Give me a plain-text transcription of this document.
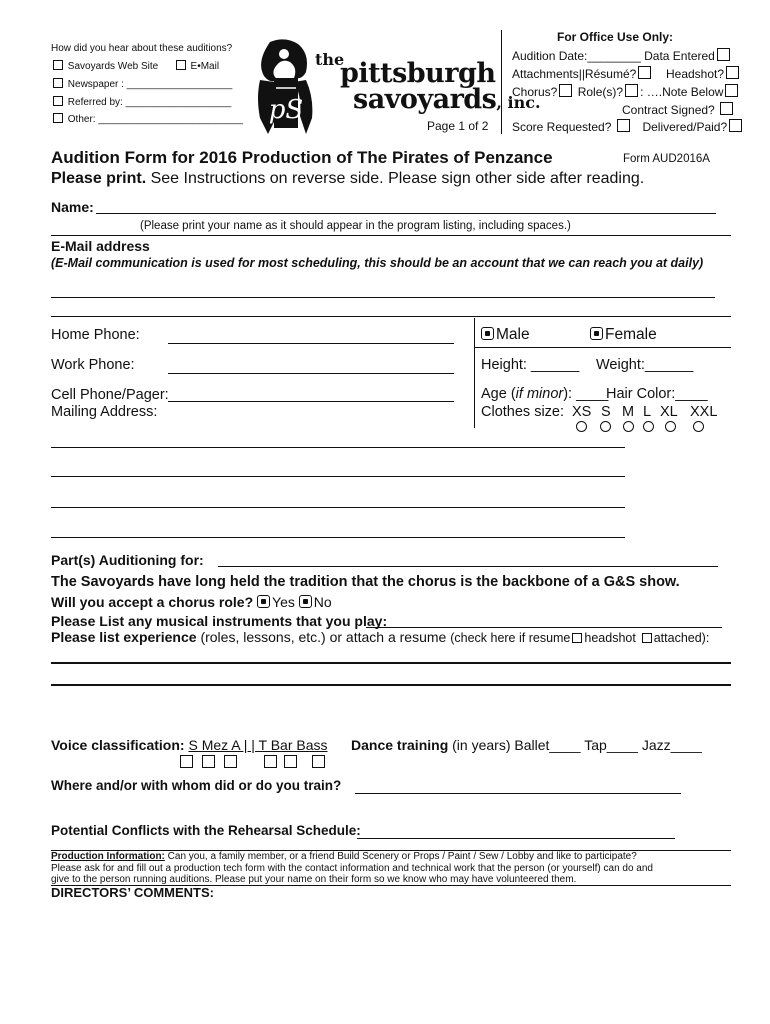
How did you hear about these auditions?
Savoyards Web Site	E•Mail
Newspaper : ___________________
Referred by: ___________________
Other: __________________________ pS
the
pittsburgh
savoyards, inc.
Page 1 of 2
For Office Use Only:
Audition Date:________ Data Entered
Attachments||Résumé? Headshot?
Chorus? Role(s)? : ….Note Below
Contract Signed?
Score Requested?	Delivered/Paid?
Audition Form for 2016 Production of The Pirates of Penzance	Form AUD2016A
Please print. See Instructions on reverse side. Please sign other side after reading.
Name:
(Please print your name as it should appear in the program listing, including spaces.)
E-Mail address
(E-Mail communication is used for most scheduling, this should be an account that we can reach you at daily)
Home Phone:
Work Phone:
Cell Phone/Pager:
Mailing Address:
Male	Female
Height: ______ Weight:______
Age (if minor): ____
Hair Color:____
Clothes size: XS S M L XL XXL
Part(s) Auditioning for:
The Savoyards have long held the tradition that the chorus is the backbone of a G&S show.
Will you accept a chorus role? Yes No
Please List any musical instruments that you play:
Please list experience (roles, lessons, etc.) or attach a resume (check here if resume headshot attached):
Voice classification: S Mez A | | T Bar Bass Dance training (in years) Ballet____ Tap____ Jazz____
Where and/or with whom did or do you train?
Potential Conflicts with the Rehearsal Schedule:
Production Information: Can you, a family member, or a friend Build Scenery or Props / Paint / Sew / Lobby and like to participate?
Please ask for and fill out a production tech form with the contact information and technical work that the person (or yourself) can do and
give to the person running auditions. Please put your name on their form so we know who may have volunteered them.
DIRECTORS’ COMMENTS:
